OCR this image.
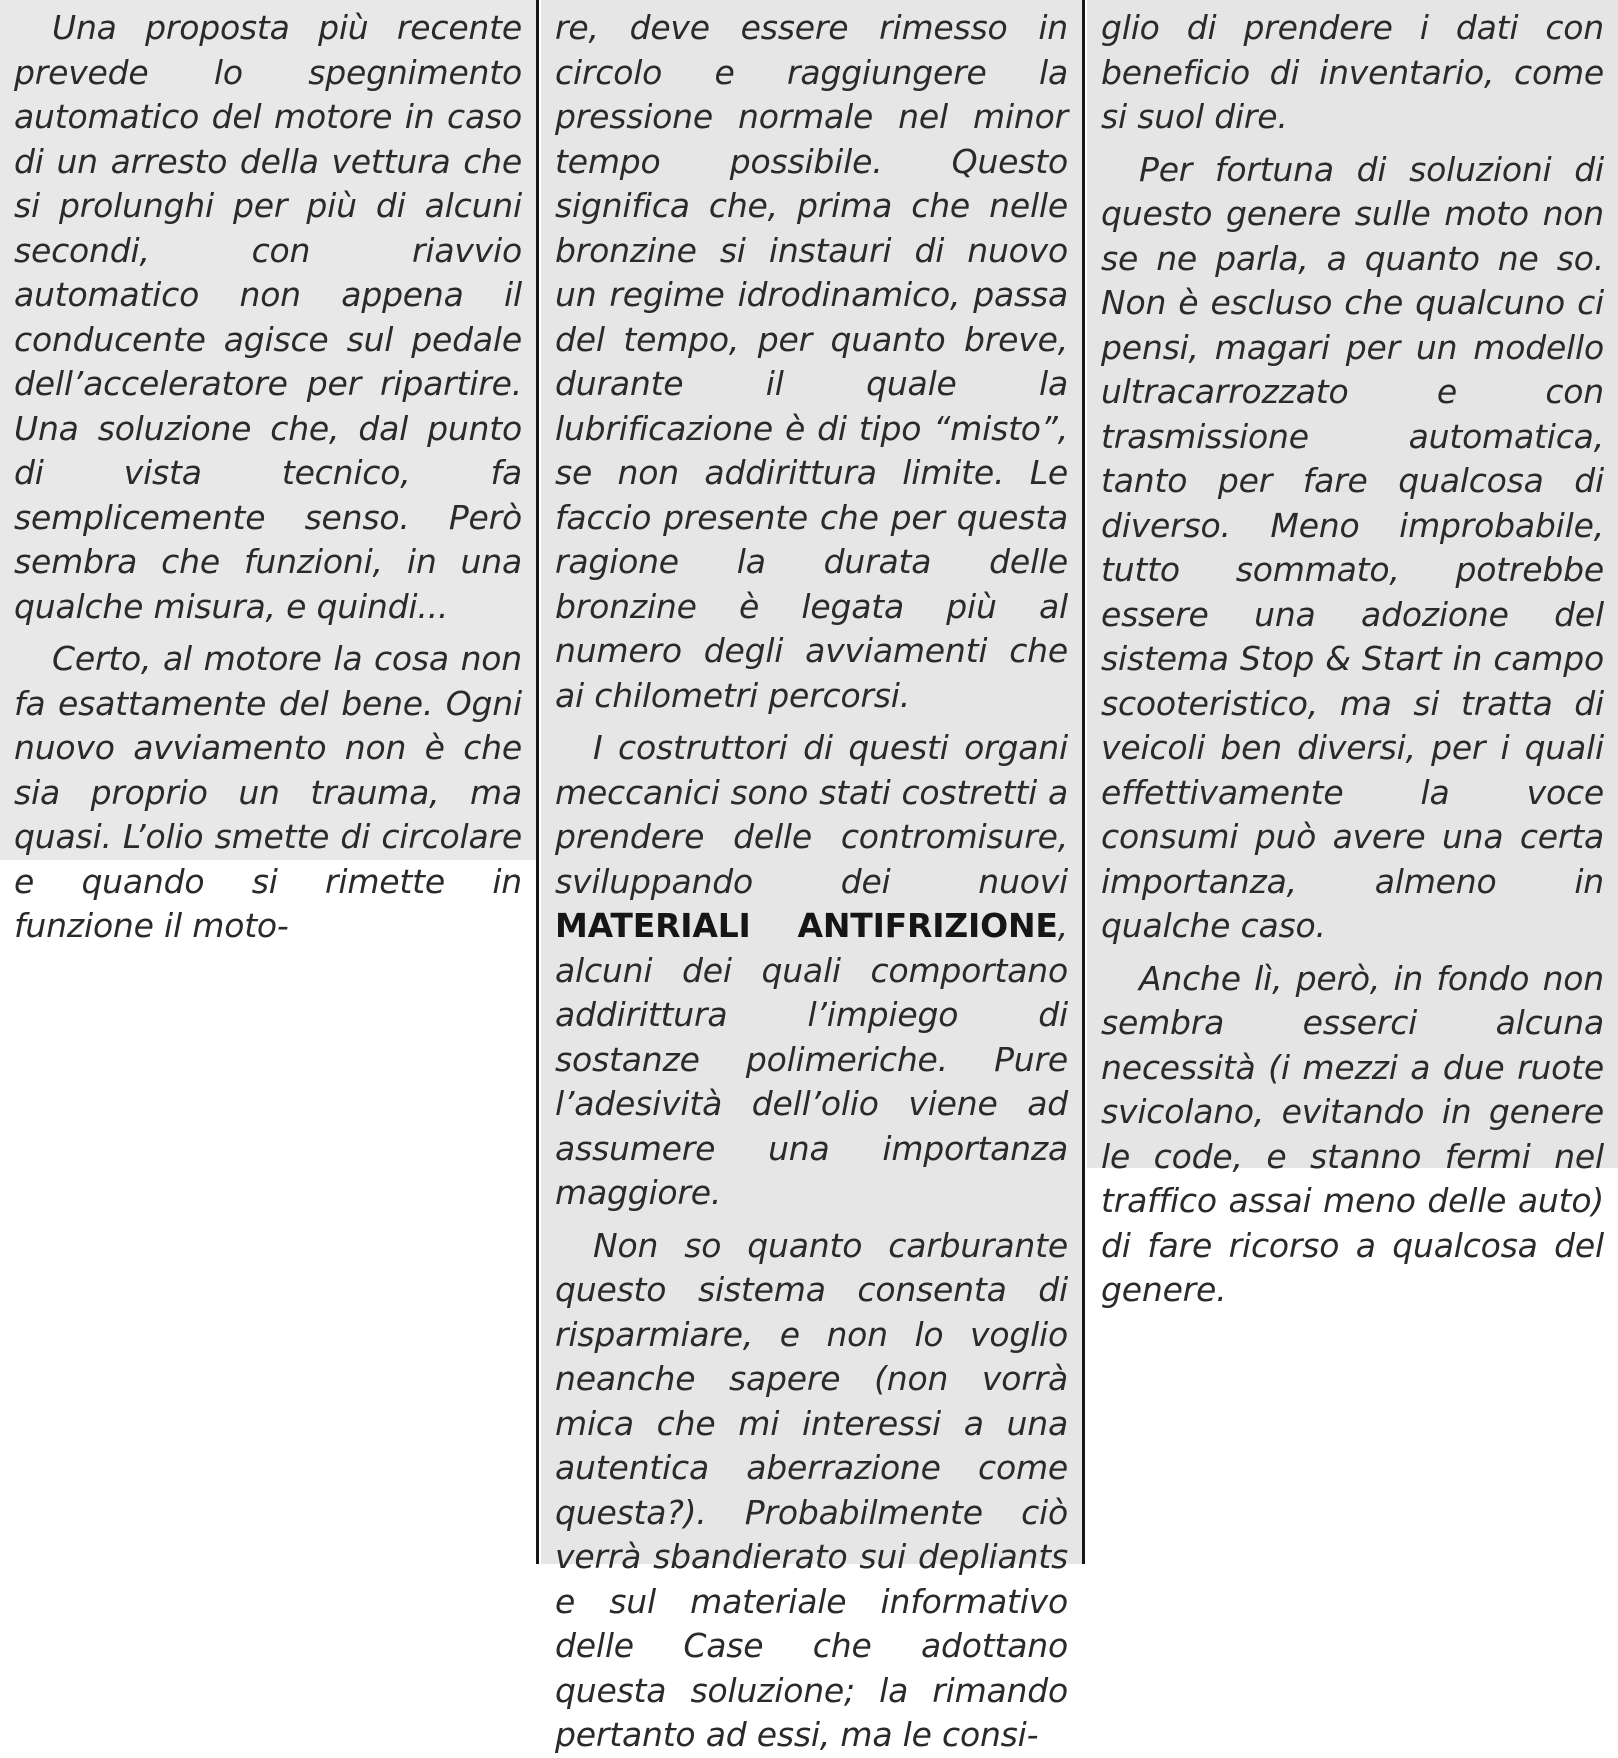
Una proposta più recente prevede lo spegnimento automatico del motore in caso di un arresto della vettura che si prolunghi per più di alcuni secondi, con riavvio automatico non appena il conducente agisce sul pedale dell’acceleratore per ripartire. Una soluzione che, dal punto di vista tecnico, fa semplicemente senso. Però sembra che funzioni, in una qualche misura, e quindi...

Certo, al motore la cosa non fa esattamente del bene. Ogni nuovo avviamento non è che sia proprio un trauma, ma quasi. L’olio smette di circolare e quando si rimette in funzione il moto-

re, deve essere rimesso in circolo e raggiungere la pressione normale nel minor tempo possibile. Questo significa che, prima che nelle bronzine si instauri di nuovo un regime idrodinamico, passa del tempo, per quanto breve, durante il quale la lubrificazione è di tipo “misto”, se non addirittura limite. Le faccio presente che per questa ragione la durata delle bronzine è legata più al numero degli avviamenti che ai chilometri percorsi.

I costruttori di questi organi meccanici sono stati costretti a prendere delle contromisure, sviluppando dei nuovi MATERIALI ANTIFRIZIONE, alcuni dei quali comportano addirittura l’impiego di sostanze polimeriche. Pure l’adesività dell’olio viene ad assumere una importanza maggiore.

Non so quanto carburante questo sistema consenta di risparmiare, e non lo voglio neanche sapere (non vorrà mica che mi interessi a una autentica aberrazione come questa?). Probabilmente ciò verrà sbandierato sui depliants e sul materiale informativo delle Case che adottano questa soluzione; la rimando pertanto ad essi, ma le consi-

glio di prendere i dati con beneficio di inventario, come si suol dire.

Per fortuna di soluzioni di questo genere sulle moto non se ne parla, a quanto ne so. Non è escluso che qualcuno ci pensi, magari per un modello ultracarrozzato e con trasmissione automatica, tanto per fare qualcosa di diverso. Meno improbabile, tutto sommato, potrebbe essere una adozione del sistema Stop & Start in campo scooteristico, ma si tratta di veicoli ben diversi, per i quali effettivamente la voce consumi può avere una certa importanza, almeno in qualche caso.

Anche lì, però, in fondo non sembra esserci alcuna necessità (i mezzi a due ruote svicolano, evitando in genere le code, e stanno fermi nel traffico assai meno delle auto) di fare ricorso a qualcosa del genere.
